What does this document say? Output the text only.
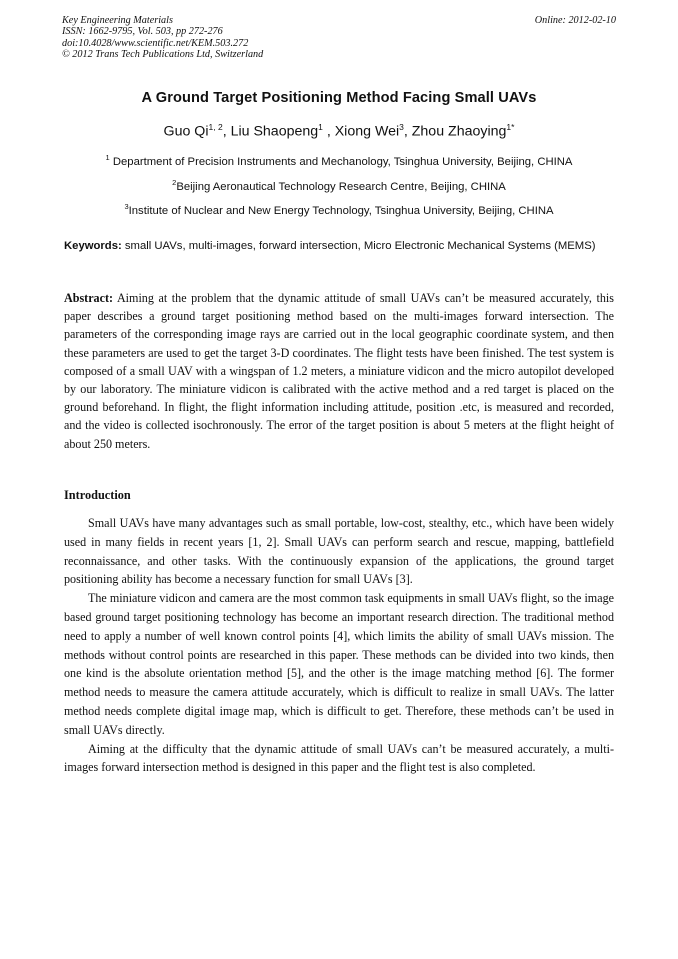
Key Engineering Materials
ISSN: 1662-9795, Vol. 503, pp 272-276
doi:10.4028/www.scientific.net/KEM.503.272
© 2012 Trans Tech Publications Ltd, Switzerland
Online: 2012-02-10
A Ground Target Positioning Method Facing Small UAVs
Guo Qi$^{1, 2}$, Liu Shaopeng$^1$ , Xiong Wei$^3$, Zhou Zhaoying$^{1*}$
$^1$ Department of Precision Instruments and Mechanology, Tsinghua University, Beijing, CHINA
$^2$Beijing Aeronautical Technology Research Centre, Beijing, CHINA
$^3$Institute of Nuclear and New Energy Technology, Tsinghua University, Beijing, CHINA
Keywords: small UAVs, multi-images, forward intersection, Micro Electronic Mechanical Systems (MEMS)

Abstract: Aiming at the problem that the dynamic attitude of small UAVs can’t be measured accurately, this paper describes a ground target positioning method based on the multi-images forward intersection. The parameters of the corresponding image rays are carried out in the local geographic coordinate system, and then these parameters are used to get the target 3-D coordinates. The flight tests have been finished. The test system is composed of a small UAV with a wingspan of 1.2 meters, a miniature vidicon and the micro autopilot developed by our laboratory. The miniature vidicon is calibrated with the active method and a red target is placed on the ground beforehand. In flight, the flight information including attitude, position .etc, is measured and recorded, and the video is collected isochronously. The error of the target position is about 5 meters at the flight height of about 250 meters.

Introduction

Small UAVs have many advantages such as small portable, low-cost, stealthy, etc., which have been widely used in many fields in recent years [1, 2]. Small UAVs can perform search and rescue, mapping, battlefield reconnaissance, and other tasks. With the continuously expansion of the applications, the ground target positioning ability has become a necessary function for small UAVs [3].

The miniature vidicon and camera are the most common task equipments in small UAVs flight, so the image based ground target positioning technology has become an important research direction. The traditional method need to apply a number of well known control points [4], which limits the ability of small UAVs mission. The methods without control points are researched in this paper. These methods can be divided into two kinds, then one kind is the absolute orientation method [5], and the other is the image matching method [6]. The former method needs to measure the camera attitude accurately, which is difficult to realize in small UAVs. The latter method needs complete digital image map, which is difficult to get. Therefore, these methods can’t be used in small UAVs directly.

Aiming at the difficulty that the dynamic attitude of small UAVs can’t be measured accurately, a multi-images forward intersection method is designed in this paper and the flight test is also completed.
